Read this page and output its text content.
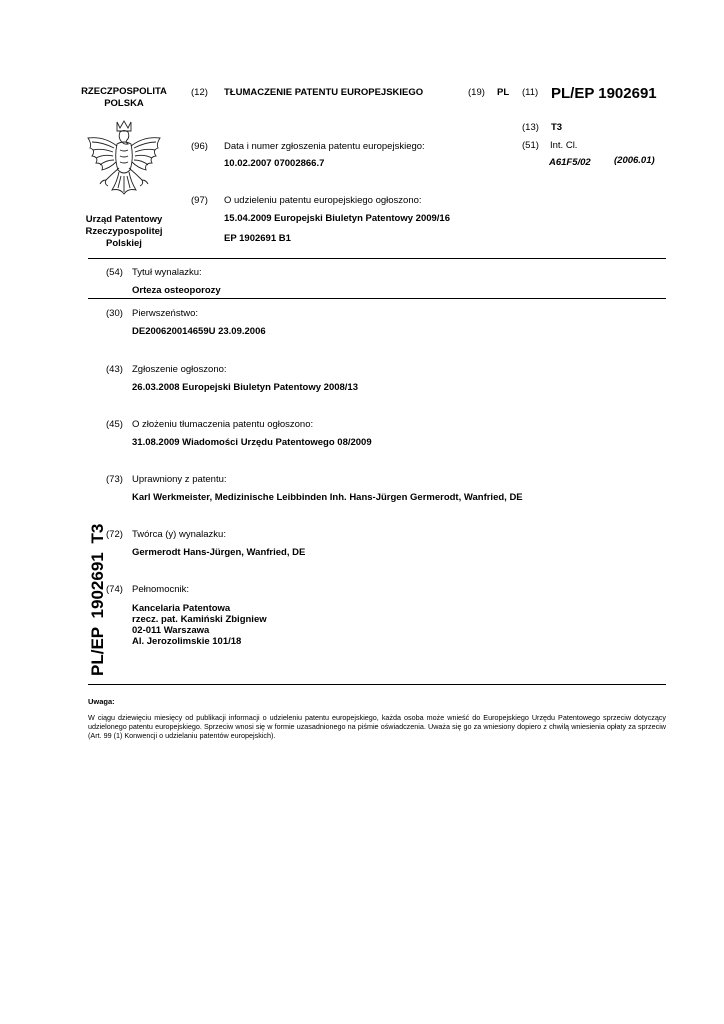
RZECZPOSPOLITA
POLSKA
Urząd Patentowy
Rzeczypospolitej
Polskiej
(12) TŁUMACZENIE PATENTU EUROPEJSKIEGO	(19) PL (11) PL/EP 1902691
(13) T3
(51) Int. Cl.
A61F5/02 (2006.01)
(96) Data i numer zgłoszenia patentu europejskiego:
10.02.2007 07002866.7
(97) O udzieleniu patentu europejskiego ogłoszono:
15.04.2009 Europejski Biuletyn Patentowy 2009/16
EP 1902691 B1
(54) Tytuł wynalazku:
Orteza osteoporozy
(30) Pierwszeństwo:
DE200620014659U 23.09.2006
(43) Zgłoszenie ogłoszono:
26.03.2008 Europejski Biuletyn Patentowy 2008/13
(45) O złożeniu tłumaczenia patentu ogłoszono:
31.08.2009 Wiadomości Urzędu Patentowego 08/2009
(73) Uprawniony z patentu:
Karl Werkmeister, Medizinische Leibbinden Inh. Hans-Jürgen Germerodt, Wanfried, DE
(72) Twórca (y) wynalazku:
Germerodt Hans-Jürgen, Wanfried, DE
(74) Pełnomocnik:
Kancelaria Patentowa
rzecz. pat. Kamiński Zbigniew
02-011 Warszawa
Al. Jerozolimskie 101/18
PL/EP 1902691 T3
Uwaga:
W ciągu dziewięciu miesięcy od publikacji informacji o udzieleniu patentu europejskiego, każda osoba może wnieść do Europejskiego Urzędu Patentowego sprzeciw dotyczący udzielonego patentu europejskiego. Sprzeciw wnosi się w formie uzasadnionego na piśmie oświadczenia. Uważa się go za wniesiony dopiero z chwilą wniesienia opłaty za sprzeciw (Art. 99 (1) Konwencji o udzielaniu patentów europejskich).
